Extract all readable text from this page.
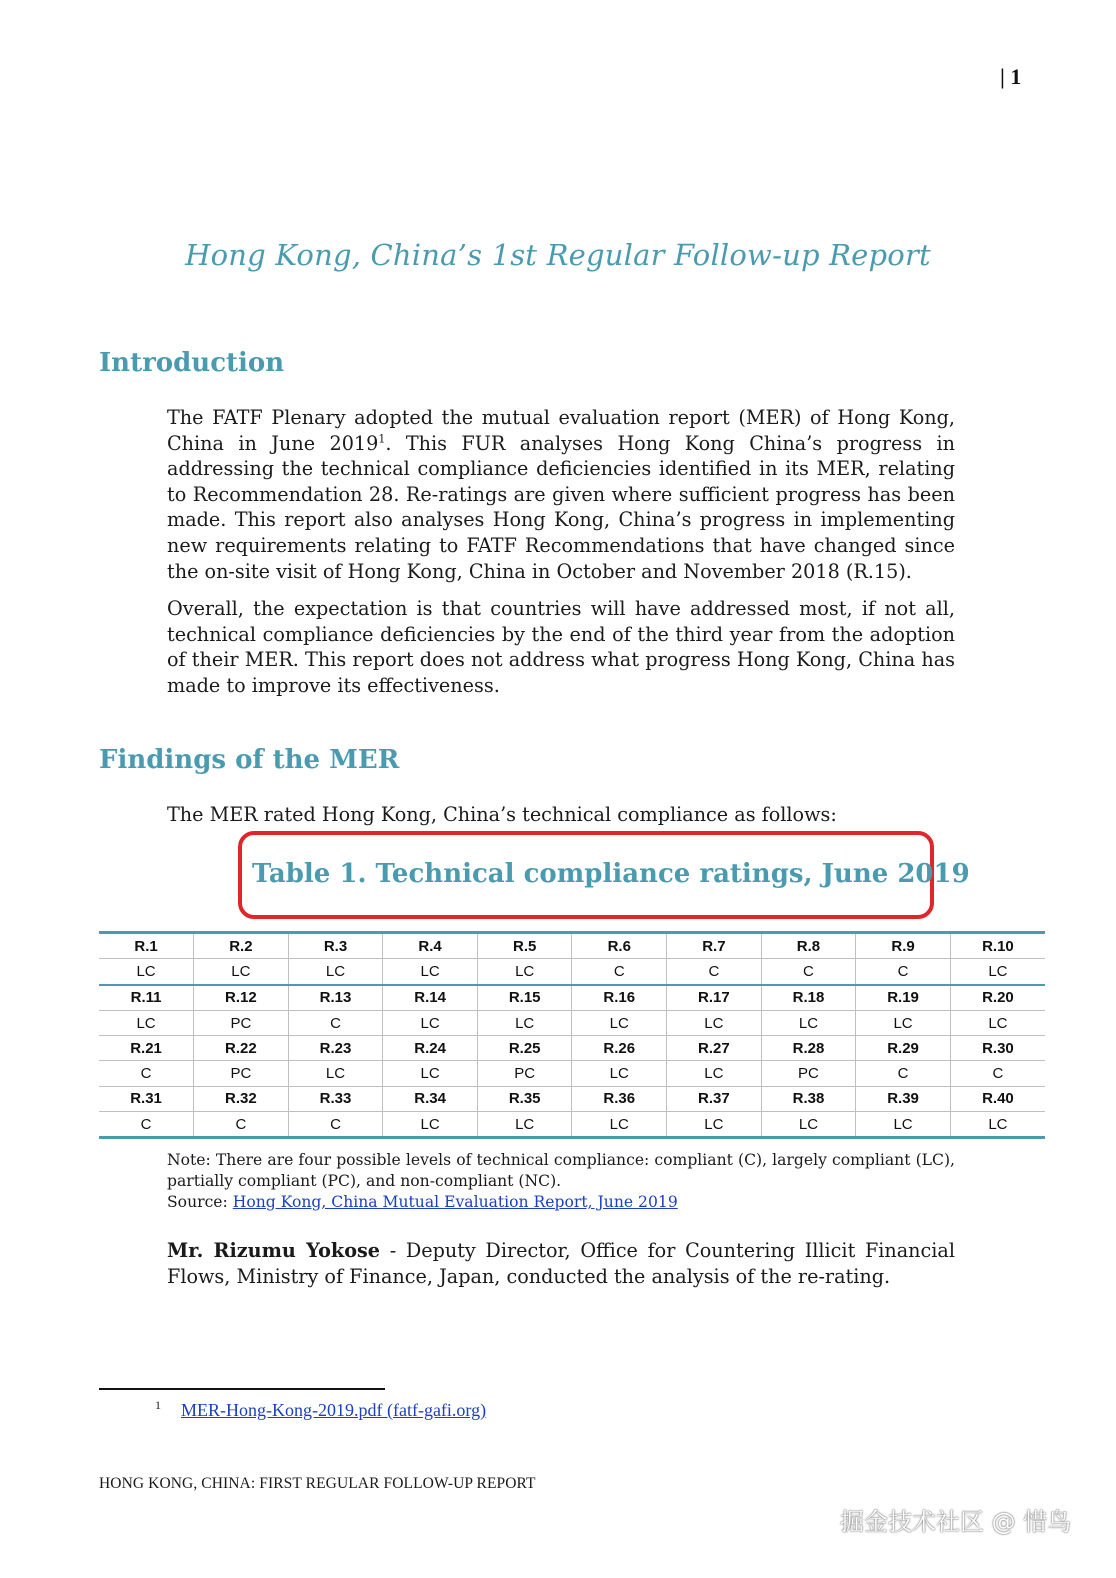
| 1
Hong Kong, China’s 1st Regular Follow-up Report
Introduction
The FATF Plenary adopted the mutual evaluation report (MER) of Hong Kong, China in June 2019$^1$. This FUR analyses Hong Kong China’s progress in addressing the technical compliance deficiencies identified in its MER, relating to Recommendation 28. Re-ratings are given where sufficient progress has been made. This report also analyses Hong Kong, China’s progress in implementing new requirements relating to FATF Recommendations that have changed since the on-site visit of Hong Kong, China in October and November 2018 (R.15).
Overall, the expectation is that countries will have addressed most, if not all, technical compliance deficiencies by the end of the third year from the adoption of their MER. This report does not address what progress Hong Kong, China has made to improve its effectiveness.
Findings of the MER
The MER rated Hong Kong, China’s technical compliance as follows:
Table 1. Technical compliance ratings, June 2019
R.1	R.2	R.3	R.4	R.5	R.6	R.7	R.8	R.9	R.10
LC	LC	LC	LC	LC	C	C	C	C	LC
R.11	R.12	R.13	R.14	R.15	R.16	R.17	R.18	R.19	R.20
LC	PC	C	LC	LC	LC	LC	LC	LC	LC
R.21	R.22	R.23	R.24	R.25	R.26	R.27	R.28	R.29	R.30
C	PC	LC	LC	PC	LC	LC	PC	C	C
R.31	R.32	R.33	R.34	R.35	R.36	R.37	R.38	R.39	R.40
C	C	C	LC	LC	LC	LC	LC	LC	LC
Note: There are four possible levels of technical compliance: compliant (C), largely compliant (LC), partially compliant (PC), and non-compliant (NC).
Source: Hong Kong, China Mutual Evaluation Report, June 2019
Mr. Rizumu Yokose - Deputy Director, Office for Countering Illicit Financial Flows, Ministry of Finance, Japan, conducted the analysis of the re-rating.
$^1$ MER-Hong-Kong-2019.pdf (fatf-gafi.org)
HONG KONG, CHINA: FIRST REGULAR FOLLOW-UP REPORT
掘金技术社区 @ 惜鸟
